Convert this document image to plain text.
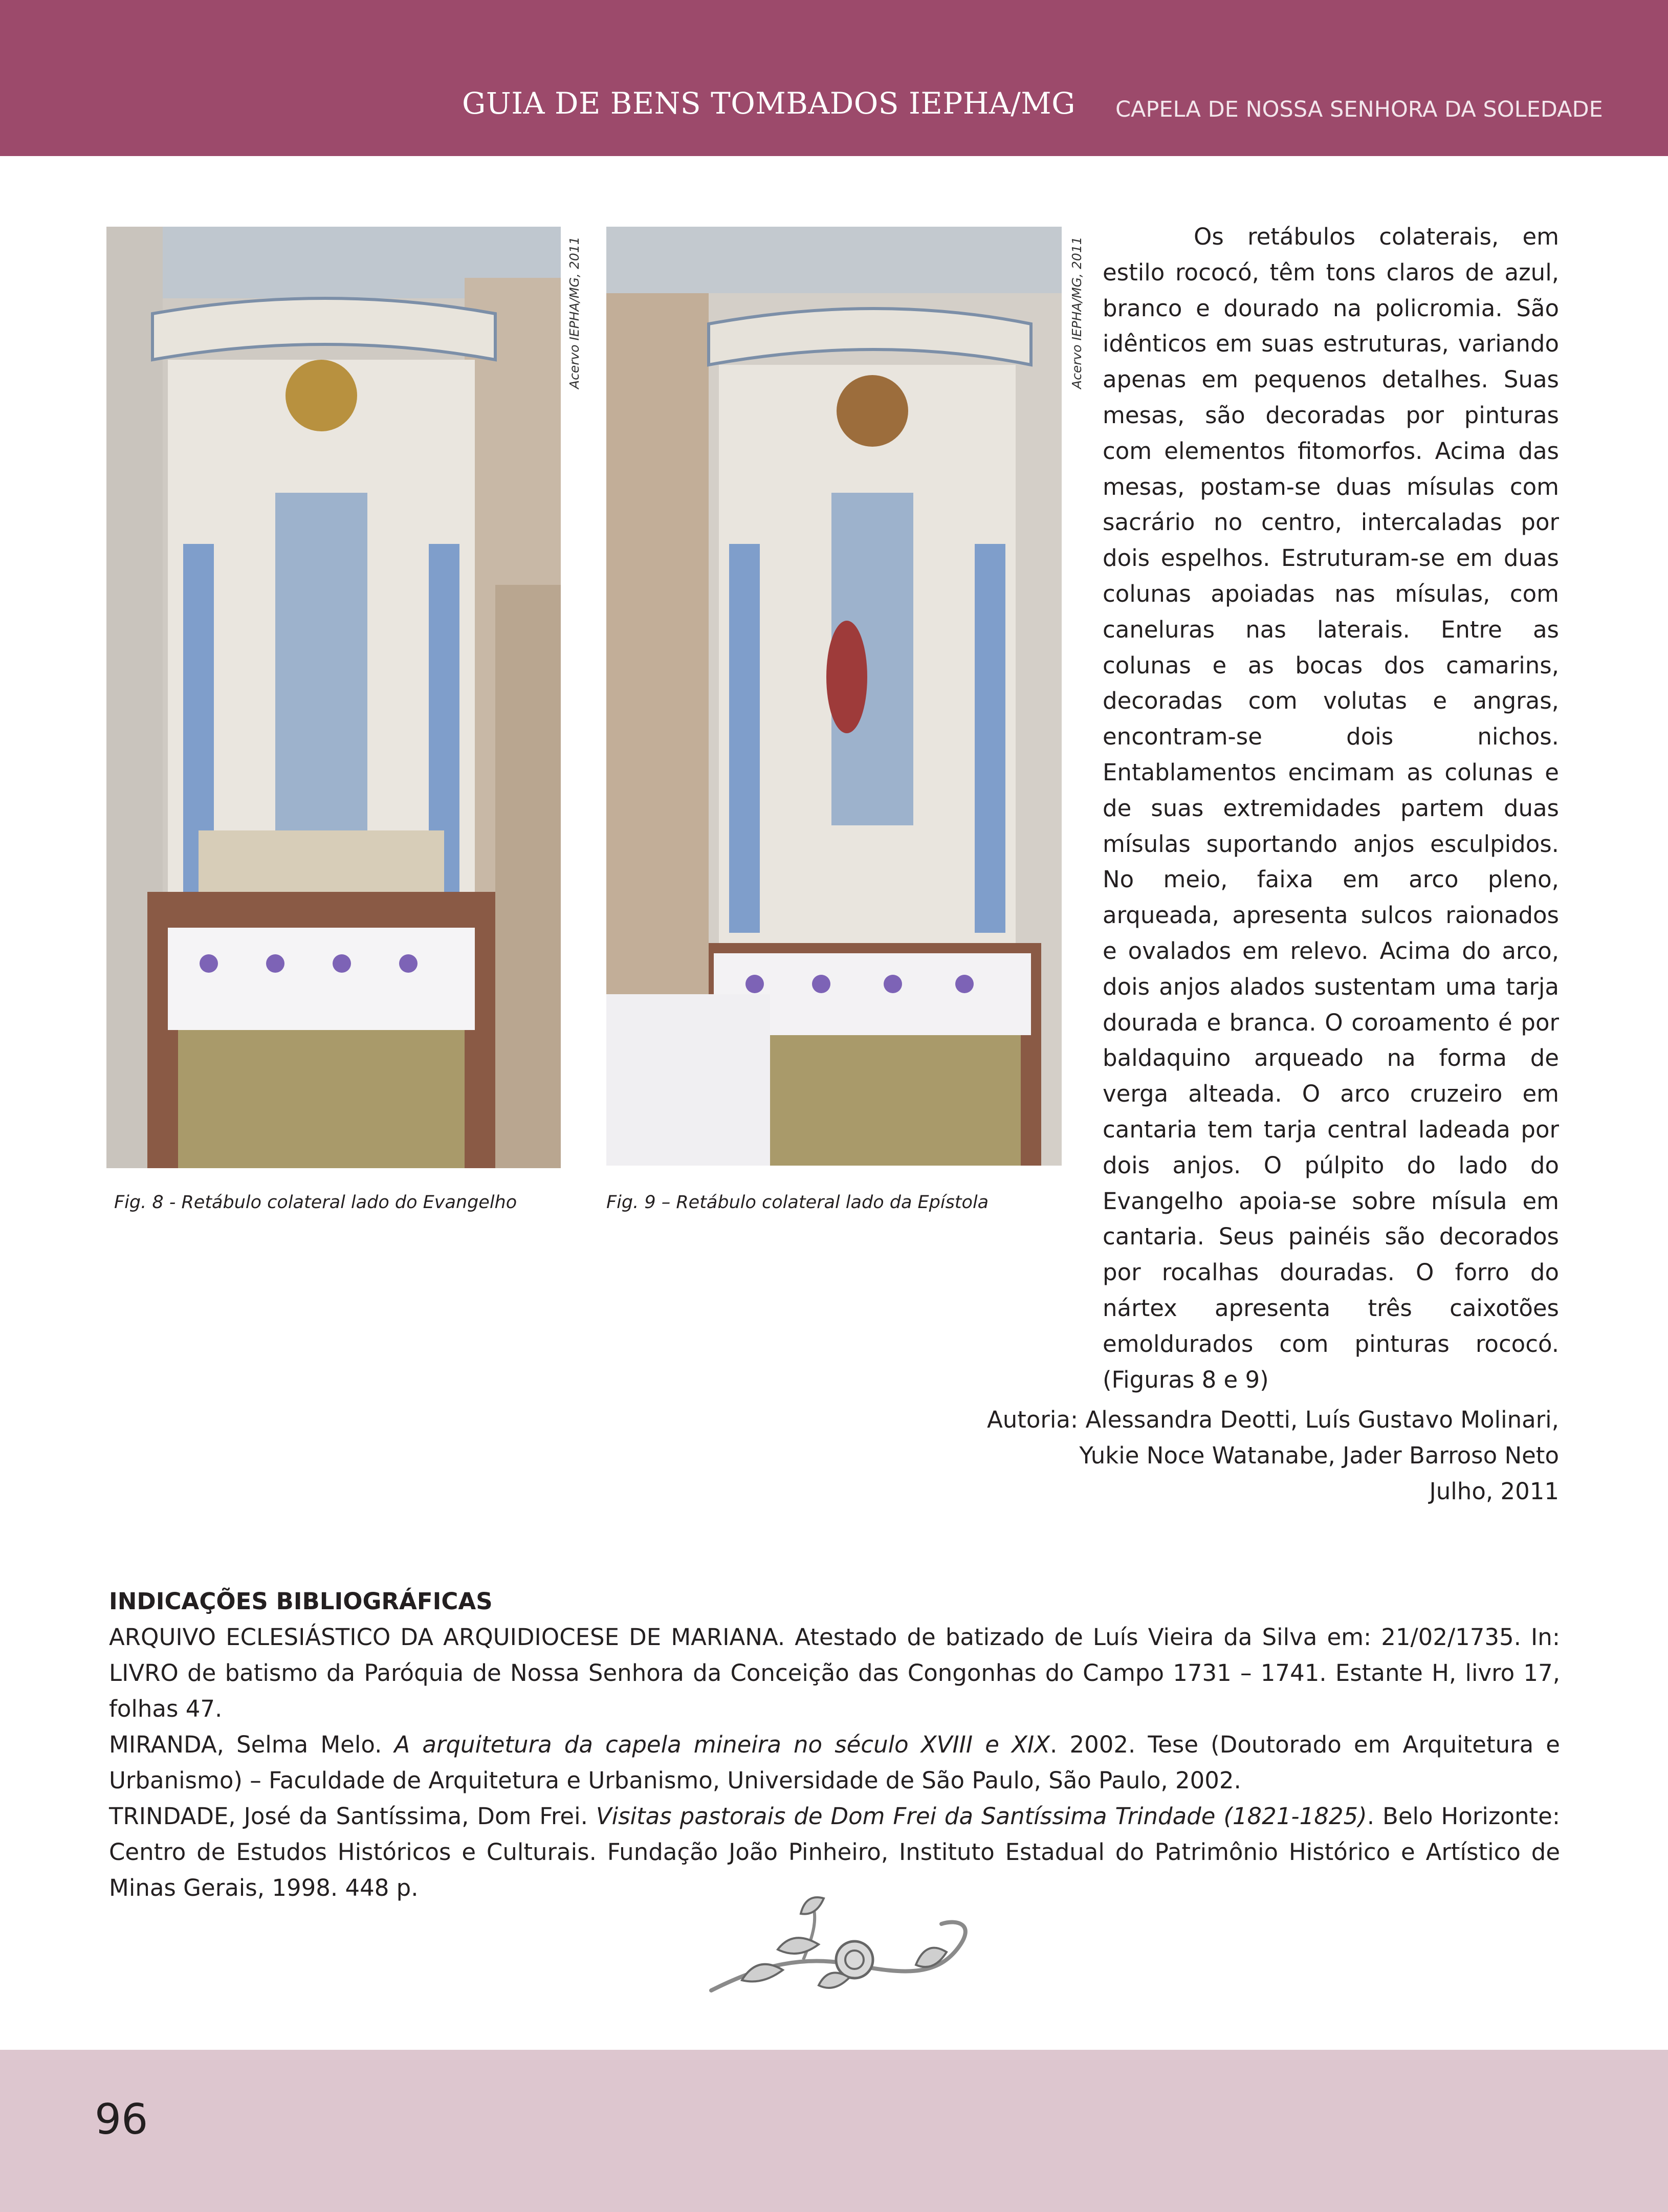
GUIA DE BENS TOMBADOS IEPHA/MG CAPELA DE NOSSA SENHORA DA SOLEDADE
Acervo IEPHA/MG, 2011	Acervo IEPHA/MG, 2011
Fig. 8 - Retábulo colateral lado do Evangelho	Fig. 9 – Retábulo colateral lado da Epístola
Os retábulos colaterais, em estilo rococó, têm tons claros de azul, branco e dourado na policromia. São idênticos em suas estruturas, variando apenas em pequenos detalhes. Suas mesas, são decoradas por pinturas com elementos fitomorfos. Acima das mesas, postam-se duas mísulas com sacrário no centro, intercaladas por dois espelhos. Estruturam-se em duas colunas apoiadas nas mísulas, com caneluras nas laterais. Entre as colunas e as bocas dos camarins, decoradas com volutas e angras, encontram-se dois nichos. Entablamentos encimam as colunas e de suas extremidades partem duas mísulas suportando anjos esculpidos. No meio, faixa em arco pleno, arqueada, apresenta sulcos raionados e ovalados em relevo. Acima do arco, dois anjos alados sustentam uma tarja dourada e branca. O coroamento é por baldaquino arqueado na forma de verga alteada. O arco cruzeiro em cantaria tem tarja central ladeada por dois anjos. O púlpito do lado do Evangelho apoia-se sobre mísula em cantaria. Seus painéis são decorados por rocalhas douradas. O forro do nártex apresenta três caixotões emoldurados com pinturas rococó. (Figuras 8 e 9)
Autoria: Alessandra Deotti, Luís Gustavo Molinari,
Yukie Noce Watanabe, Jader Barroso Neto
Julho, 2011
INDICAÇÕES BIBLIOGRÁFICAS

ARQUIVO ECLESIÁSTICO DA ARQUIDIOCESE DE MARIANA. Atestado de batizado de Luís Vieira da Silva em: 21/02/1735. In: LIVRO de batismo da Paróquia de Nossa Senhora da Conceição das Congonhas do Campo 1731 – 1741. Estante H, livro 17, folhas 47.

MIRANDA, Selma Melo. A arquitetura da capela mineira no século XVIII e XIX. 2002. Tese (Doutorado em Arquitetura e Urbanismo) – Faculdade de Arquitetura e Urbanismo, Universidade de São Paulo, São Paulo, 2002.

TRINDADE, José da Santíssima, Dom Frei. Visitas pastorais de Dom Frei da Santíssima Trindade (1821-1825). Belo Horizonte: Centro de Estudos Históricos e Culturais. Fundação João Pinheiro, Instituto Estadual do Patrimônio Histórico e Artístico de Minas Gerais, 1998. 448 p.

96
